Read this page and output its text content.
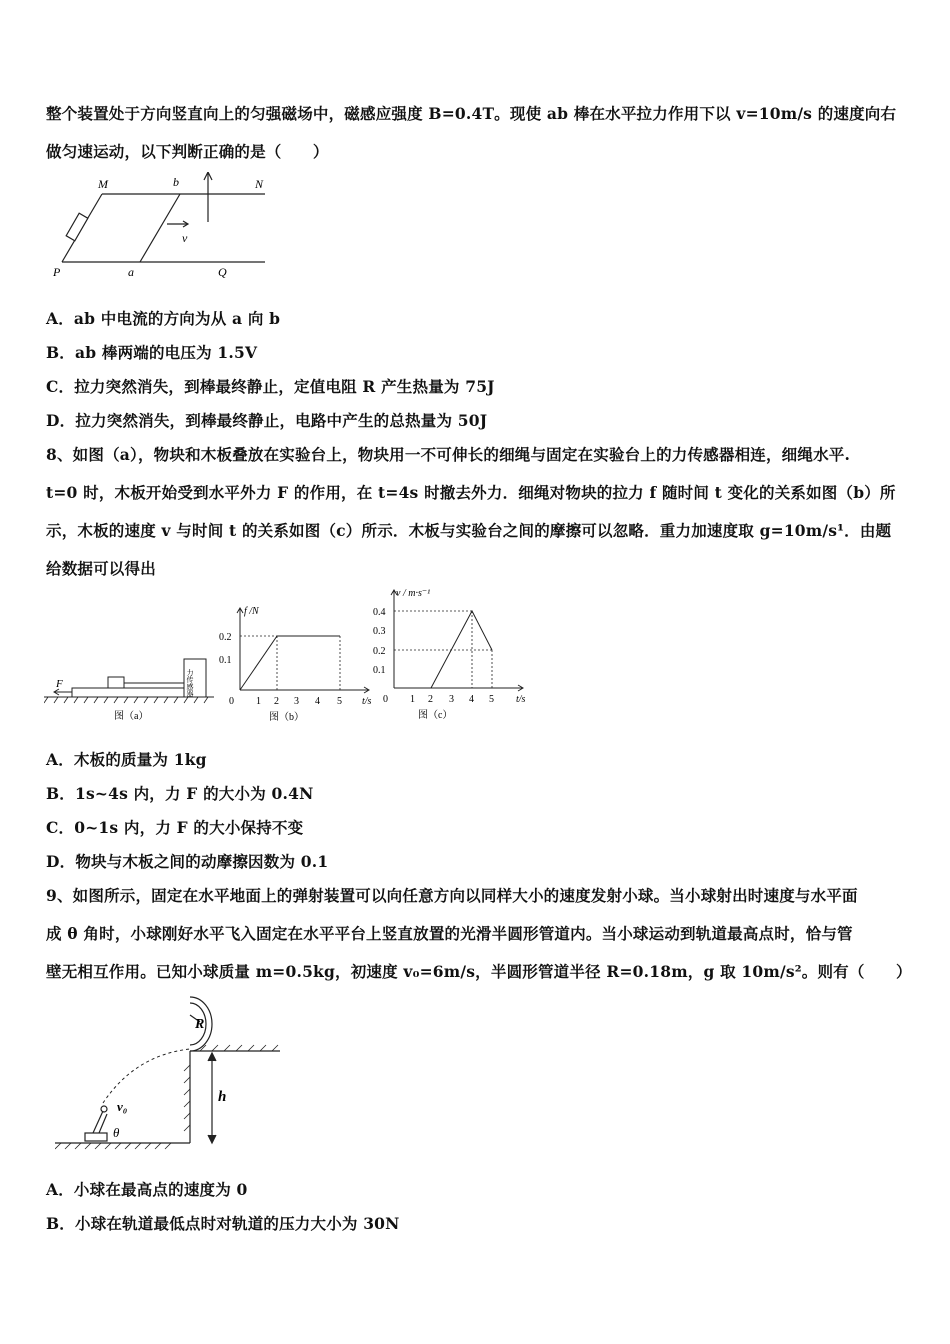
整个装置处于方向竖直向上的匀强磁场中，磁感应强度 B=0.4T。现使 ab 棒在水平拉力作用下以 v=10m/s 的速度向右
做匀速运动，以下判断正确的是（　　）
M	b	N
v
P	a	Q
A．ab 中电流的方向为从 a 向 b
B．ab 棒两端的电压为 1.5V
C．拉力突然消失，到棒最终静止，定值电阻 R 产生热量为 75J
D．拉力突然消失，到棒最终静止，电路中产生的总热量为 50J
8、如图（a），物块和木板叠放在实验台上，物块用一不可伸长的细绳与固定在实验台上的力传感器相连，细绳水平.
t=0 时，木板开始受到水平外力 F 的作用，在 t=4s 时撤去外力．细绳对物块的拉力 f 随时间 t 变化的关系如图（b）所
示，木板的速度 v 与时间 t 的关系如图（c）所示．木板与实验台之间的摩擦可以忽略．重力加速度取 g=10m/s¹．由题
给数据可以得出
F	力传感器
图（a）
f /N
t/s
0.2
0.1
0 1 2 3 4 5
图（b）
v / m·s⁻¹
t/s
0.4
0.3
0.2
0.1
0 1 2 3 4 5
图（c）
A．木板的质量为 1kg
B．1s~4s 内，力 F 的大小为 0.4N
C．0~1s 内，力 F 的大小保持不变
D．物块与木板之间的动摩擦因数为 0.1
9、如图所示，固定在水平地面上的弹射装置可以向任意方向以同样大小的速度发射小球。当小球射出时速度与水平面
成 θ 角时，小球刚好水平飞入固定在水平平台上竖直放置的光滑半圆形管道内。当小球运动到轨道最高点时，恰与管
壁无相互作用。已知小球质量 m=0.5kg，初速度 v₀=6m/s，半圆形管道半径 R=0.18m，g 取 10m/s²。则有（　　）
R
h
v₀
θ
A．小球在最高点的速度为 0
B．小球在轨道最低点时对轨道的压力大小为 30N
